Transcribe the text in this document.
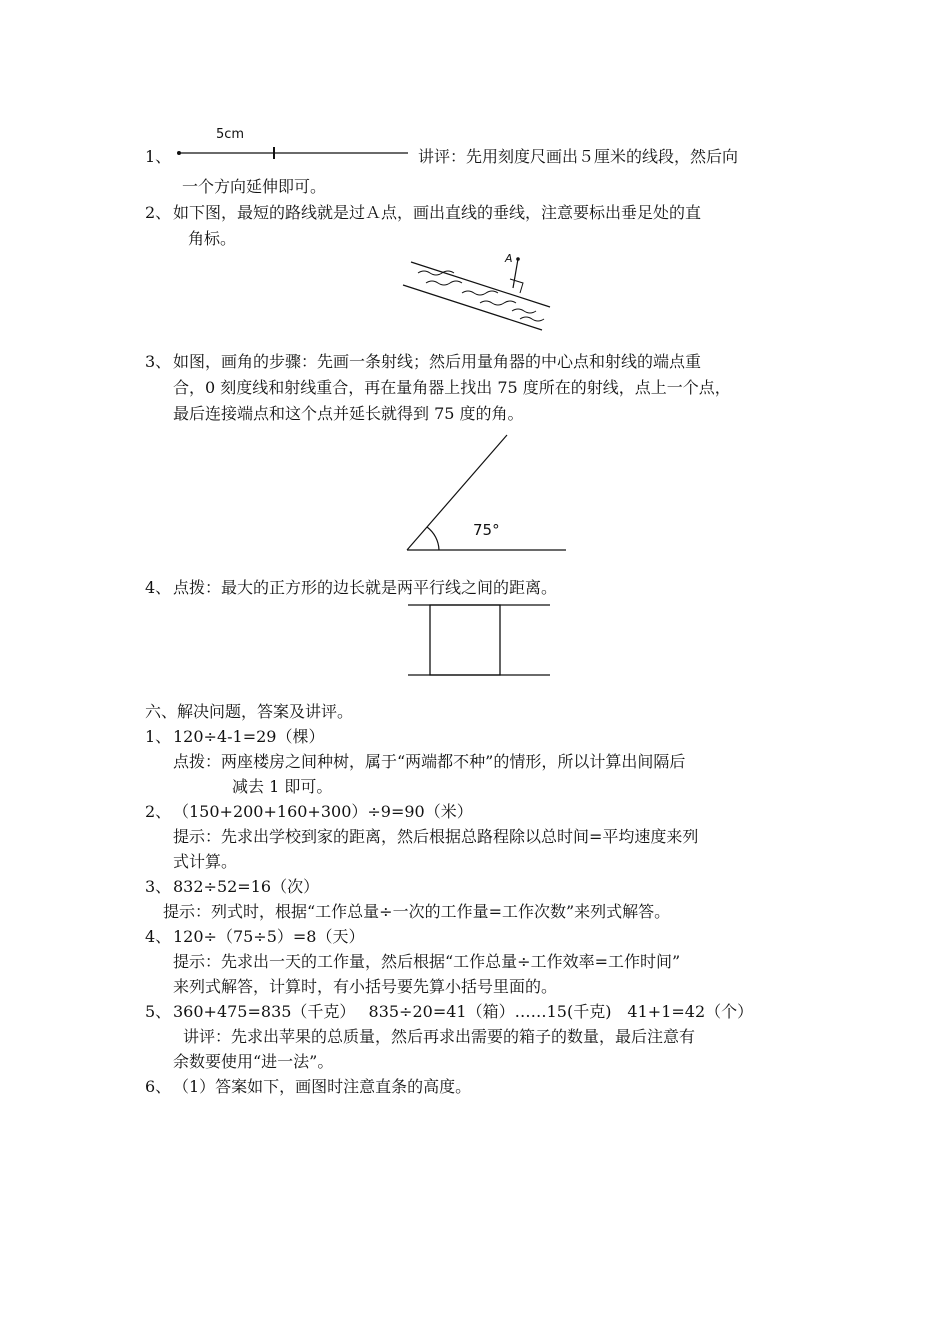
1、
5cm
讲评：先用刻度尺画出５厘米的线段，然后向
一个方向延伸即可。
2、 如下图，最短的路线就是过Ａ点，画出直线的垂线，注意要标出垂足处的直
角标。
A
3、 如图，画角的步骤：先画一条射线；然后用量角器的中心点和射线的端点重
合，0 刻度线和射线重合，再在量角器上找出 75 度所在的射线，点上一个点，
最后连接端点和这个点并延长就得到 75 度的角。
75°
4、 点拨：最大的正方形的边长就是两平行线之间的距离。
六、解决问题，答案及讲评。
1、 120÷4-1=29（棵）
点拨：两座楼房之间种树，属于“两端都不种”的情形，所以计算出间隔后
减去 1 即可。
2、 （150+200+160+300）÷9=90（米）
提示：先求出学校到家的距离，然后根据总路程除以总时间=平均速度来列
式计算。
3、 832÷52=16（次）
提示：列式时，根据“工作总量÷一次的工作量=工作次数”来列式解答。
4、 120÷（75÷5）=8（天）
提示：先求出一天的工作量，然后根据“工作总量÷工作效率=工作时间”
来列式解答，计算时，有小括号要先算小括号里面的。
5、 360+475=835（千克）　 835÷20=41（箱）……15(千克)　41+1=42（个）
讲评：先求出苹果的总质量，然后再求出需要的箱子的数量，最后注意有
余数要使用“进一法”。
6、 （1）答案如下，画图时注意直条的高度。
